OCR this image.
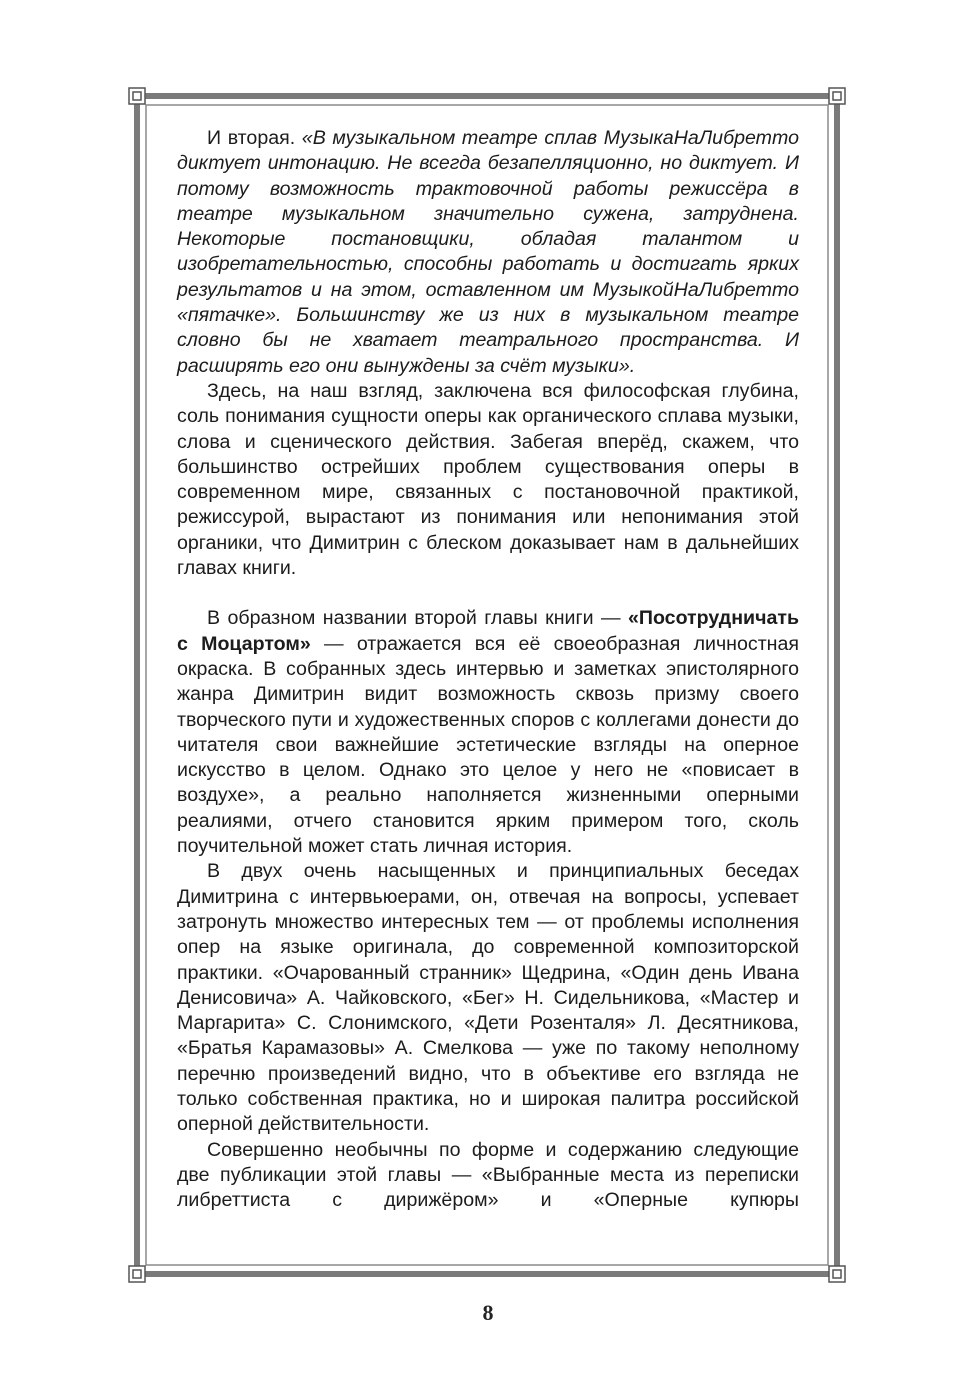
И вторая. «В музыкальном театре сплав МузыкаНаЛибретто диктует интонацию. Не всегда безапелляционно, но диктует. И потому возможность трактовочной работы режиссёра в театре музыкальном значительно сужена, затруднена. Некоторые постановщики, обладая талантом и изобретательностью, способны работать и достигать ярких результатов и на этом, оставленном им МузыкойНаЛибретто «пятачке». Большинству же из них в музыкальном театре словно бы не хватает театрального пространства. И расширять его они вынуждены за счёт музыки».

Здесь, на наш взгляд, заключена вся философская глубина, соль понимания сущности оперы как органического сплава музыки, слова и сценического действия. Забегая вперёд, скажем, что большинство острейших проблем существования оперы в современном мире, связанных с постановочной практикой, режиссурой, вырастают из понимания или непонимания этой органики, что Димитрин с блеском доказывает нам в дальнейших главах книги.

В образном названии второй главы книги — «Посотрудничать с Моцартом» — отражается вся её своеобразная личностная окраска. В собранных здесь интервью и заметках эпистолярного жанра Димитрин видит возможность сквозь призму своего творческого пути и художественных споров с коллегами донести до читателя свои важнейшие эстетические взгляды на оперное искусство в целом. Однако это целое у него не «повисает в воздухе», а реально наполняется жизненными оперными реалиями, отчего становится ярким примером того, сколь поучительной может стать личная история.

В двух очень насыщенных и принципиальных беседах Димитрина с интервьюерами, он, отвечая на вопросы, успевает затронуть множество интересных тем — от проблемы исполнения опер на языке оригинала, до современной композиторской практики. «Очарованный странник» Щедрина, «Один день Ивана Денисовича» А. Чайковского, «Бег» Н. Сидельникова, «Мастер и Маргарита» С. Слонимского, «Дети Розенталя» Л. Десятникова, «Братья Карамазовы» А. Смелкова — уже по такому неполному перечню произведений видно, что в объективе его взгляда не только собственная практика, но и широкая палитра российской оперной действительности.

Совершенно необычны по форме и содержанию следующие две публикации этой главы — «Выбранные места из переписки либреттиста с дирижёром» и «Оперные купюры

8
